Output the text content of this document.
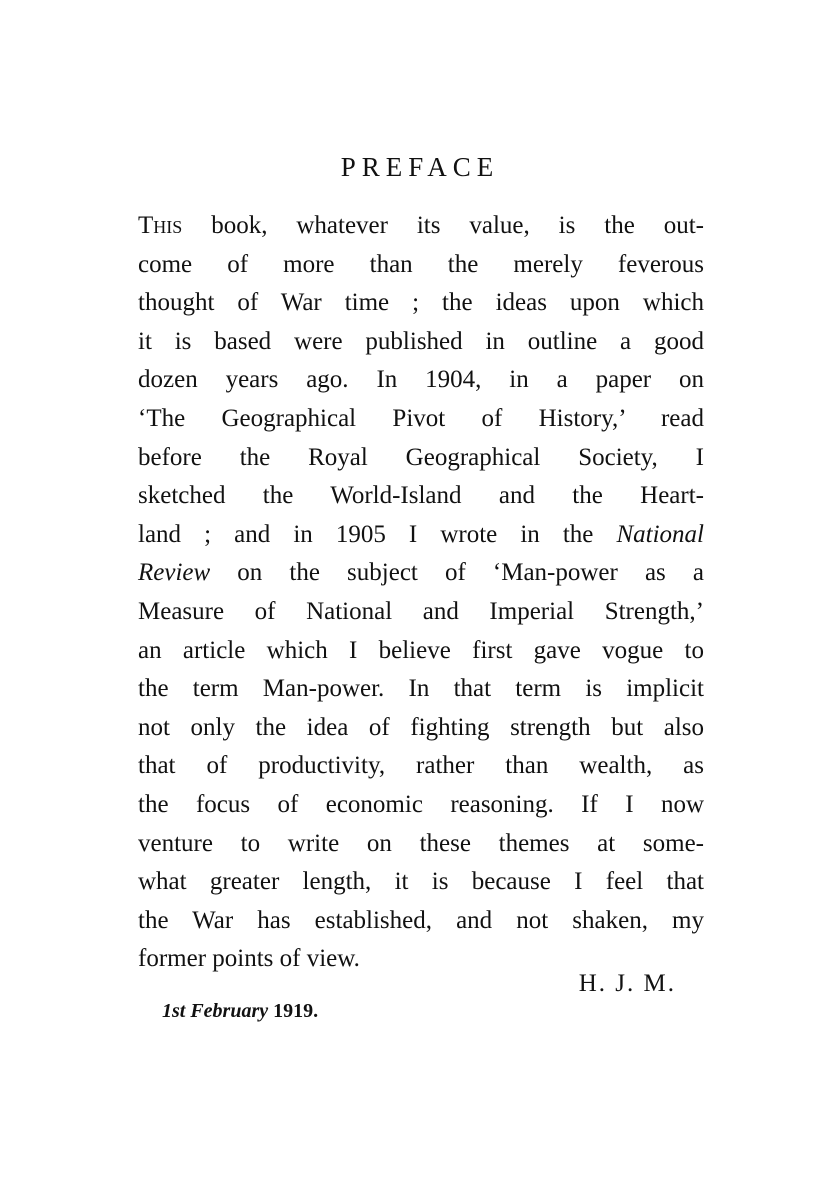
PREFACE
This book, whatever its value, is the out-
come of more than the merely feverous
thought of War time ; the ideas upon which
it is based were published in outline a good
dozen years ago. In 1904, in a paper on
‘The Geographical Pivot of History,’ read
before the Royal Geographical Society, I
sketched the World-Island and the Heart-
land ; and in 1905 I wrote in the National
Review on the subject of ‘Man-power as a
Measure of National and Imperial Strength,’
an article which I believe first gave vogue to
the term Man-power. In that term is implicit
not only the idea of fighting strength but also
that of productivity, rather than wealth, as
the focus of economic reasoning. If I now
venture to write on these themes at some-
what greater length, it is because I feel that
the War has established, and not shaken, my
former points of view.

H. J. M.

1st February 1919.
